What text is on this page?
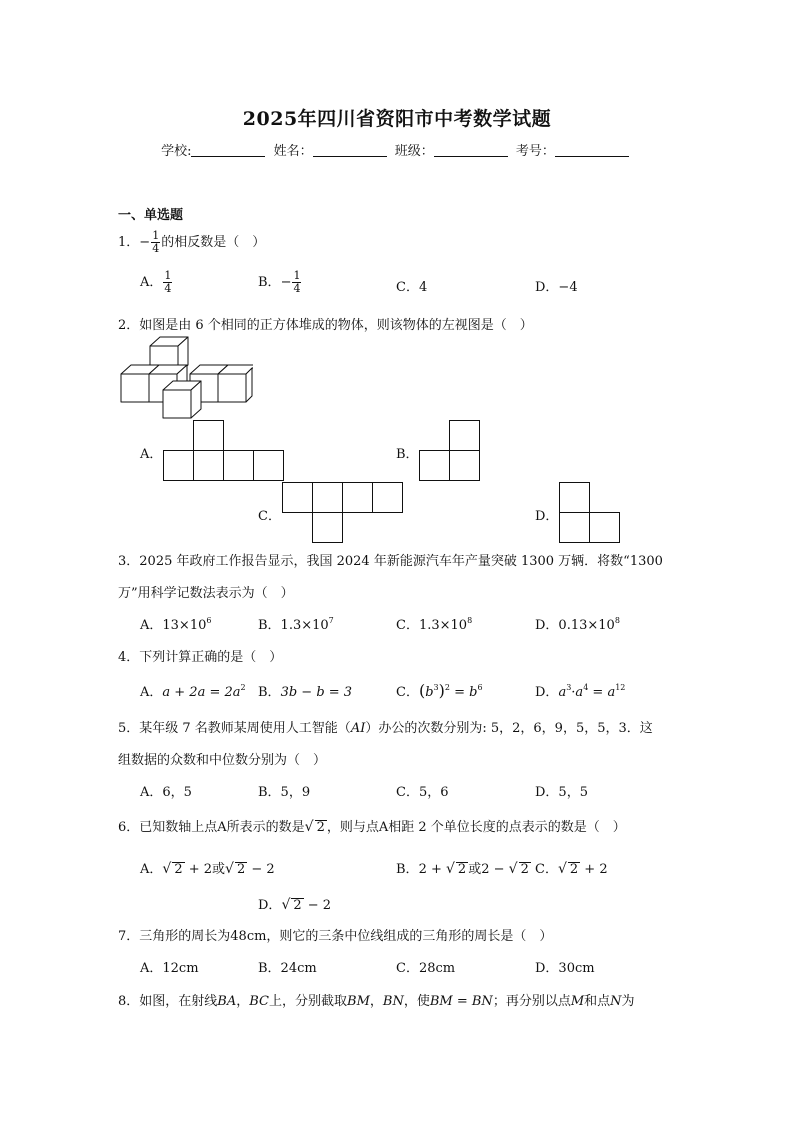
2025年四川省资阳市中考数学试题
学校:	姓名：	班级：	考号：
一、单选题
1．− $\frac{1}{4}$ 的相反数是（　）
A． $\frac{1}{4}$	B．− $\frac{1}{4}$	C．4	D．−4
2．如图是由 6 个相同的正方体堆成的物体，则该物体的左视图是（　）
A．	B．
C．	D．
3．2025 年政府工作报告显示，我国 2024 年新能源汽车年产量突破 1300 万辆．将数“1300
万”用科学记数法表示为（　）
A．$13\times 10^6$	B．$1.3\times 10^7$	C．$1.3\times 10^8$	D．$0.13\times 10^8$
4．下列计算正确的是（　）
A．$a + 2a = 2a^2$ B．3b − b = 3	C．$(b^3)^2 = b^6$	D．$a^3\cdot a^4 = a^{12}$
5．某年级 7 名教师某周使用人工智能（AI）办公的次数分别为: 5，2，6，9，5，5，3．这
组数据的众数和中位数分别为（　）
A．6，5	B．5，9	C．5，6	D．5，5
6．已知数轴上点A所表示的数是√ 2 ，则与点A相距 2 个单位长度的点表示的数是（　）
A．√ 2 + 2或√ 2 − 2	B．2 + √ 2 或2 − √ 2 C．√ 2 + 2
D．√ 2 − 2
7．三角形的周长为48cm，则它的三条中位线组成的三角形的周长是（　）
A．12cm	B．24cm	C．28cm	D．30cm
8．如图，在射线BA，BC上，分别截取BM，BN，使BM = BN；再分别以点M和点N为
